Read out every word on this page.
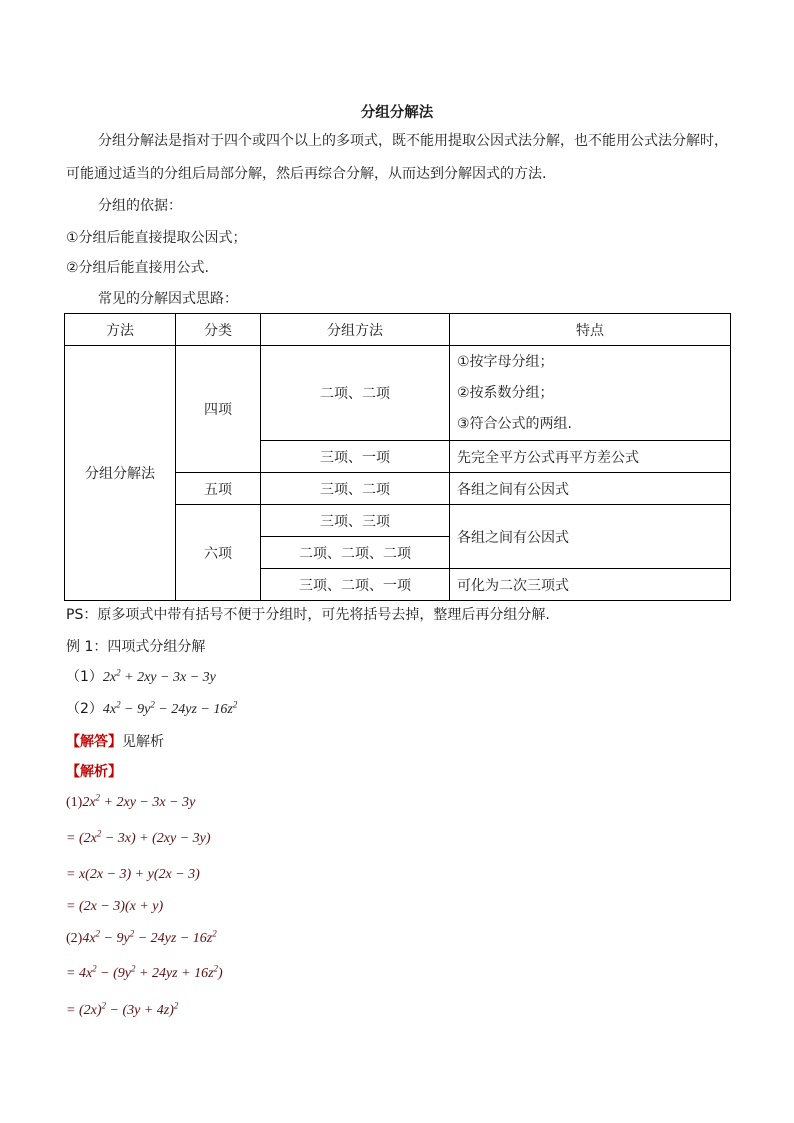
分组分解法
分组分解法是指对于四个或四个以上的多项式，既不能用提取公因式法分解，也不能用公式法分解时，
可能通过适当的分组后局部分解，然后再综合分解，从而达到分解因式的方法.
分组的依据：
①分组后能直接提取公因式；
②分组后能直接用公式.
常见的分解因式思路：
方法	分类	分组方法	特点
分组分解法	四项	二项、二项	①按字母分组；
②按系数分组；
③符合公式的两组.

		三项、一项	先完全平方公式再平方差公式
	五项	三项、二项	各组之间有公因式
	六项	三项、三项	各组之间有公因式
		二项、二项、二项	
		三项、二项、一项	可化为二次三项式
PS：原多项式中带有括号不便于分组时，可先将括号去掉，整理后再分组分解.
例 1：四项式分组分解
$(1)2x^2 + 2xy - 3x - 3y$
$(2)4x^2 - 9y^2 - 24yz - 16z^2$
【解答】见解析
【解析】
$(1)2x^2 + 2xy - 3x - 3y$
= $(2x^2 - 3x) + (2xy - 3y)$
= x(2x − 3) + y(2x − 3)
= (2x − 3)(x + y)
$(2)4x^2 - 9y^2 - 24yz - 16z^2$
= $4x^2 - (9y^2 + 24yz + 16z^2)$
= $(2x)^2 - (3y + 4z)^2$
